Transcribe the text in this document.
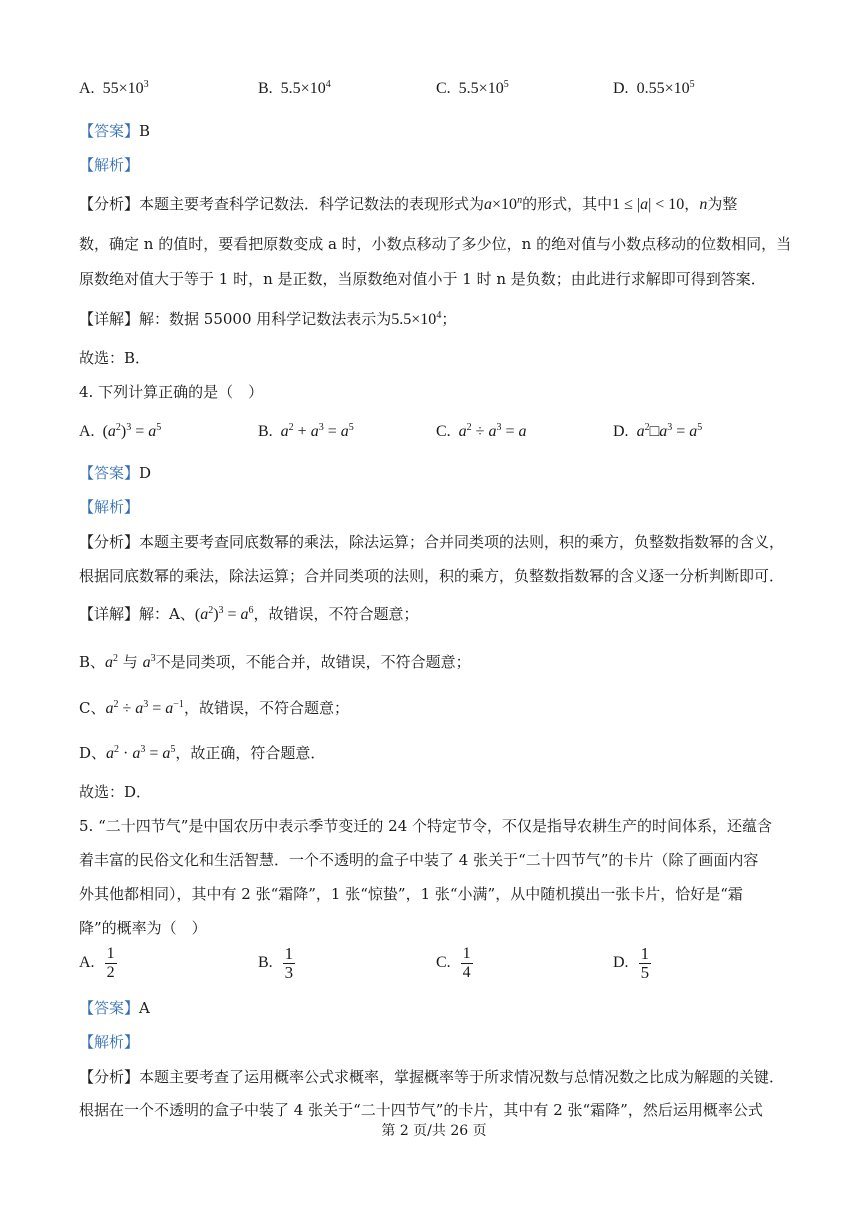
A. $55\times 10^3$	B. $5.5\times 10^4$	C. $5.5\times 10^5$	D. $0.55\times 10^5$
【答案】B
【解析】
【分析】本题主要考查科学记数法．科学记数法的表现形式为$a\times 10^n$的形式，其中1 ≤ |a| < 10，n为整
数，确定 n 的值时，要看把原数变成 a 时，小数点移动了多少位，n 的绝对值与小数点移动的位数相同，当
原数绝对值大于等于 1 时，n 是正数，当原数绝对值小于 1 时 n 是负数；由此进行求解即可得到答案．
【详解】解：数据 55000 用科学记数法表示为$5.5\times 10^4$；
故选：B．
4. 下列计算正确的是（　）
A.  $(a^2)^3 = a^5$	B. $a^2 + a^3 = a^5$	C. $a^2 \div a^3 = a$	D. $a^2□a^3 = a^5$
【答案】D
【解析】
【分析】本题主要考查同底数幂的乘法，除法运算；合并同类项的法则，积的乘方，负整数指数幂的含义，
根据同底数幂的乘法，除法运算；合并同类项的法则，积的乘方，负整数指数幂的含义逐一分析判断即可．
【详解】解：A、$(a^2)^3 = a^6$，故错误，不符合题意；
B、$a^2$ 与 $a^3$不是同类项，不能合并，故错误，不符合题意；
C、$a^2 \div a^3 = a^{-1}$，故错误，不符合题意；
D、$a^2 \cdot a^3 = a^5$，故正确，符合题意．
故选：D．
5. “二十四节气”是中国农历中表示季节变迁的 24 个特定节令，不仅是指导农耕生产的时间体系，还蕴含
着丰富的民俗文化和生活智慧．一个不透明的盒子中装了 4 张关于“二十四节气”的卡片（除了画面内容
外其他都相同），其中有 2 张“霜降”，1 张“惊蛰”，1 张“小满”，从中随机摸出一张卡片，恰好是“霜
降”的概率为（　）
A. $\frac{1}{2}$	B. $\frac{1}{3}$	C. $\frac{1}{4}$	D. $\frac{1}{5}$
【答案】A
【解析】
【分析】本题主要考查了运用概率公式求概率，掌握概率等于所求情况数与总情况数之比成为解题的关键．
根据在一个不透明的盒子中装了 4 张关于“二十四节气”的卡片，其中有 2 张“霜降”，然后运用概率公式
第 2 页/共 26 页
